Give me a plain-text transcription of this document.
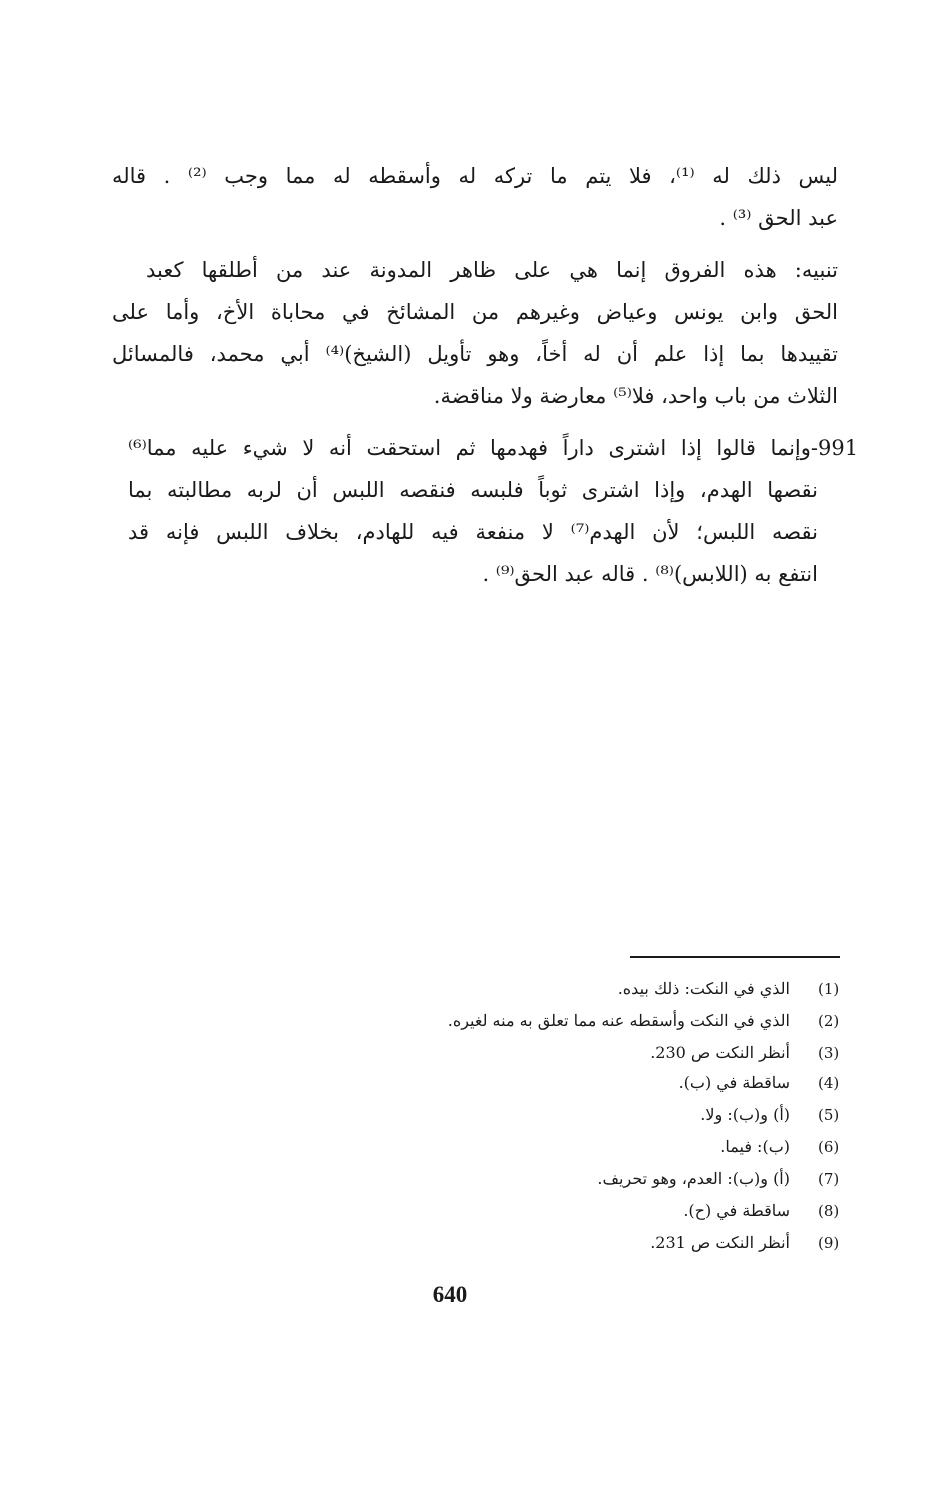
ليس ذلك له ⁽¹⁾، فلا يتم ما تركه له وأسقطه له مما وجب ⁽²⁾ . قاله
عبد الحق ⁽³⁾ .
تنبيه: هذه الفروق إنما هي على ظاهر المدونة عند من أطلقها كعبد
الحق وابن يونس وعياض وغيرهم من المشائخ في محاباة الأخ، وأما على
تقييدها بما إذا علم أن له أخاً، وهو تأويل (الشيخ)⁽⁴⁾ أبي محمد، فالمسائل
الثلاث من باب واحد، فلا⁽⁵⁾ معارضة ولا مناقضة.
991
-وإنما قالوا إذا اشترى داراً فهدمها ثم استحقت أنه لا شيء عليه مما⁽⁶⁾
نقصها الهدم، وإذا اشترى ثوباً فلبسه فنقصه اللبس أن لربه مطالبته بما
نقصه اللبس؛ لأن الهدم⁽⁷⁾ لا منفعة فيه للهادم، بخلاف اللبس فإنه قد
انتفع به (اللابس)⁽⁸⁾ . قاله عبد الحق⁽⁹⁾ .
(1)
الذي في النكت: ذلك بيده.
(2)
الذي في النكت وأسقطه عنه مما تعلق به منه لغيره.
(3)
أنظر النكت ص 230.
(4)
ساقطة في (ب).
(5)
(أ) و(ب): ولا.
(6)
(ب): فيما.
(7)
(أ) و(ب): العدم، وهو تحريف.
(8)
ساقطة في (ح).
(9)
أنظر النكت ص 231.
640
